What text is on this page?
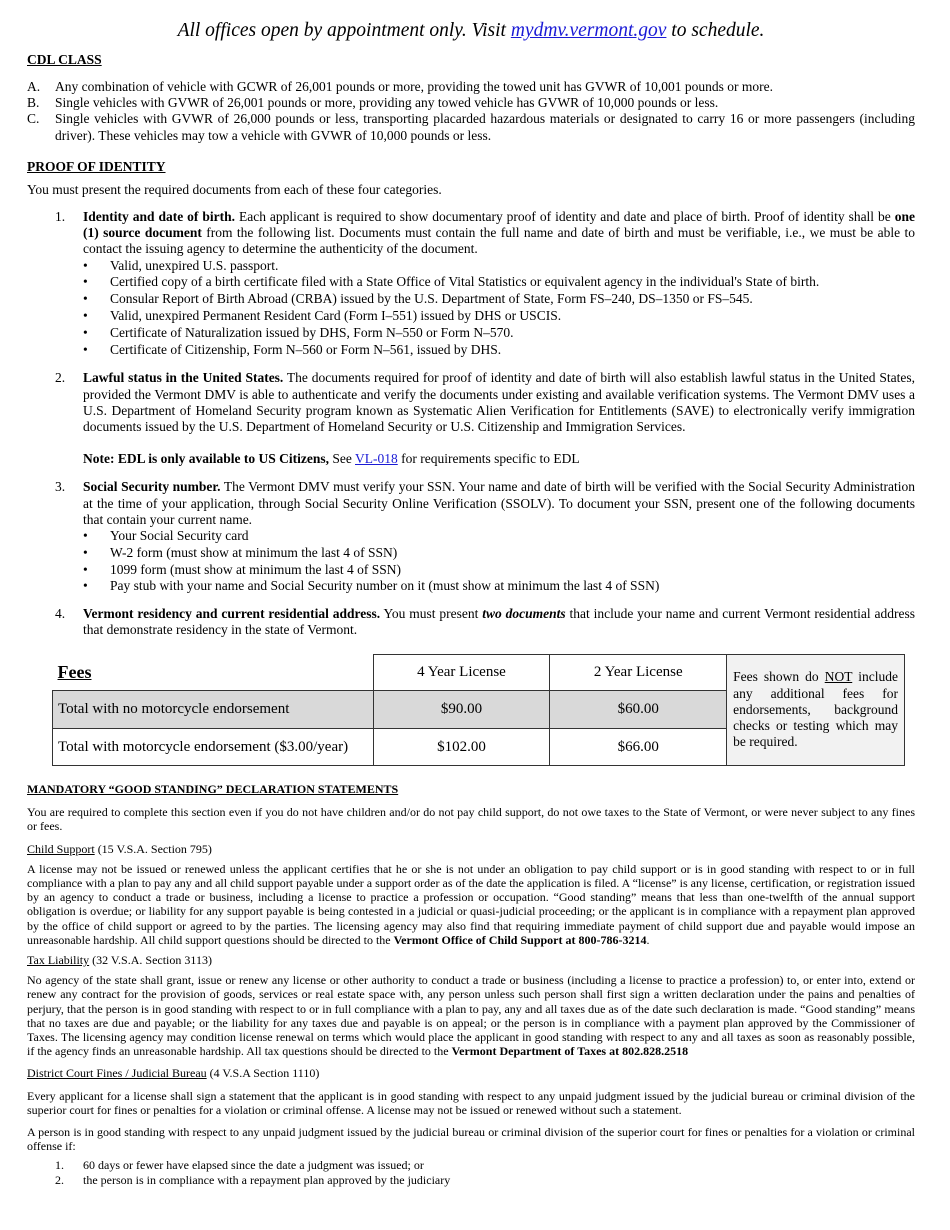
All offices open by appointment only. Visit mydmv.vermont.gov to schedule.
CDL CLASS
A.	Any combination of vehicle with GCWR of 26,001 pounds or more, providing the towed unit has GVWR of 10,001 pounds or more.
B.	Single vehicles with GVWR of 26,001 pounds or more, providing any towed vehicle has GVWR of 10,000 pounds or less.
C.	Single vehicles with GVWR of 26,000 pounds or less, transporting placarded hazardous materials or designated to carry 16 or more passengers (including driver). These vehicles may tow a vehicle with GVWR of 10,000 pounds or less.
PROOF OF IDENTITY

You must present the required documents from each of these four categories.

1.	Identity and date of birth. Each applicant is required to show documentary proof of identity and date and place of birth. Proof of identity shall be one (1) source document from the following list. Documents must contain the full name and date of birth and must be verifiable, i.e., we must be able to contact the issuing agency to determine the authenticity of the document.
•	Valid, unexpired U.S. passport.
•	Certified copy of a birth certificate filed with a State Office of Vital Statistics or equivalent agency in the individual's State of birth.
•	Consular Report of Birth Abroad (CRBA) issued by the U.S. Department of State, Form FS–240, DS–1350 or FS–545.
•	Valid, unexpired Permanent Resident Card (Form I–551) issued by DHS or USCIS.
•	Certificate of Naturalization issued by DHS, Form N–550 or Form N–570.
•	Certificate of Citizenship, Form N–560 or Form N–561, issued by DHS.
2.	Lawful status in the United States. The documents required for proof of identity and date of birth will also establish lawful status in the United States, provided the Vermont DMV is able to authenticate and verify the documents under existing and available verification systems. The Vermont DMV uses a U.S. Department of Homeland Security program known as Systematic Alien Verification for Entitlements (SAVE) to electronically verify immigration documents issued by the U.S. Department of Homeland Security or U.S. Citizenship and Immigration Services.
Note: EDL is only available to US Citizens, See VL-018 for requirements specific to EDL
3.	Social Security number. The Vermont DMV must verify your SSN. Your name and date of birth will be verified with the Social Security Administration at the time of your application, through Social Security Online Verification (SSOLV). To document your SSN, present one of the following documents that contain your current name.
•	Your Social Security card
•	W-2 form (must show at minimum the last 4 of SSN)
•	1099 form (must show at minimum the last 4 of SSN)
•	Pay stub with your name and Social Security number on it (must show at minimum the last 4 of SSN)
4.	Vermont residency and current residential address. You must present two documents that include your name and current Vermont residential address that demonstrate residency in the state of Vermont.
Fees	4 Year License	2 Year License	Fees shown do NOT include any additional fees for endorsements, background checks or testing which may be required.
Total with no motorcycle endorsement	$90.00	$60.00	
Total with motorcycle endorsement ($3.00/year)	$102.00	$66.00	
MANDATORY “GOOD STANDING” DECLARATION STATEMENTS

You are required to complete this section even if you do not have children and/or do not pay child support, do not owe taxes to the State of Vermont, or were never subject to any fines or fees.

Child Support (15 V.S.A. Section 795)

A license may not be issued or renewed unless the applicant certifies that he or she is not under an obligation to pay child support or is in good standing with respect to or in full compliance with a plan to pay any and all child support payable under a support order as of the date the application is filed. A “license” is any license, certification, or registration issued by an agency to conduct a trade or business, including a license to practice a profession or occupation. “Good standing” means that less than one-twelfth of the annual support obligation is overdue; or liability for any support payable is being contested in a judicial or quasi-judicial proceeding; or the applicant is in compliance with a repayment plan approved by the office of child support or agreed to by the parties. The licensing agency may also find that requiring immediate payment of child support due and payable would impose an unreasonable hardship. All child support questions should be directed to the Vermont Office of Child Support at 800-786-3214.

Tax Liability (32 V.S.A. Section 3113)

No agency of the state shall grant, issue or renew any license or other authority to conduct a trade or business (including a license to practice a profession) to, or enter into, extend or renew any contract for the provision of goods, services or real estate space with, any person unless such person shall first sign a written declaration under the pains and penalties of perjury, that the person is in good standing with respect to or in full compliance with a plan to pay, any and all taxes due as of the date such declaration is made. “Good standing” means that no taxes are due and payable; or the liability for any taxes due and payable is on appeal; or the person is in compliance with a payment plan approved by the Commissioner of Taxes. The licensing agency may condition license renewal on terms which would place the applicant in good standing with respect to any and all taxes as soon as reasonably possible, if the agency finds an unreasonable hardship. All tax questions should be directed to the Vermont Department of Taxes at 802.828.2518

District Court Fines / Judicial Bureau (4 V.S.A Section 1110)

Every applicant for a license shall sign a statement that the applicant is in good standing with respect to any unpaid judgment issued by the judicial bureau or criminal division of the superior court for fines or penalties for a violation or criminal offense. A license may not be issued or renewed without such a statement.

A person is in good standing with respect to any unpaid judgment issued by the judicial bureau or criminal division of the superior court for fines or penalties for a violation or criminal offense if:

1.	60 days or fewer have elapsed since the date a judgment was issued; or
2.	the person is in compliance with a repayment plan approved by the judiciary
